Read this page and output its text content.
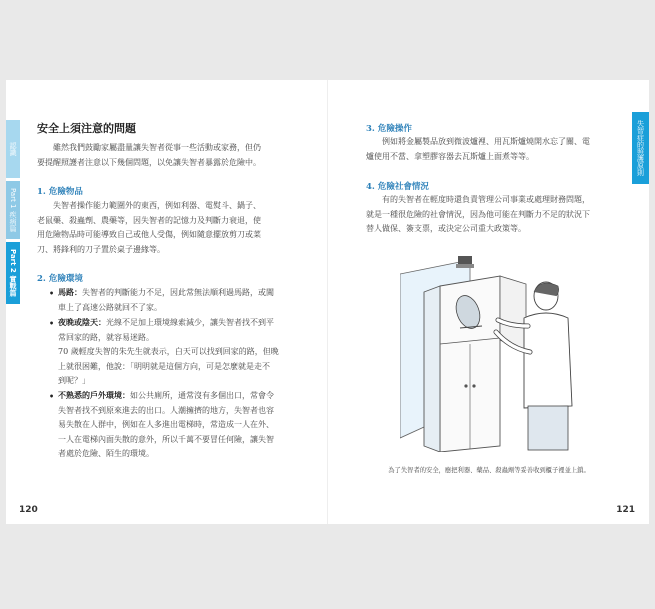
認識
Part 1 疾病篇
Part 2 實戰篇
安全上須注意的問題

雖然我們鼓勵家屬盡量讓失智者從事一些活動或家務，但仍

要提醒照護者注意以下幾個問題，以免讓失智者暴露於危險中。

1. 危險物品

失智者操作能力範圍外的東西，例如利器、電熨斗、鍋子、

老鼠藥、殺蟲劑、農藥等，因失智者的記憶力及判斷力衰退，使

用危險物品時可能導致自己或他人受傷，例如隨意擺放剪刀或菜

刀、將鋒利的刀子置於桌子邊緣等。

2. 危險環境
• 馬路：失智者的判斷能力不足，因此常無法順利過馬路，或闖

車上了高速公路就回不了家。

• 夜晚或陰天：光線不足加上環境線索減少，讓失智者找不到平

常回家的路，就容易迷路。

70 歲輕度失智的朱先生就表示，白天可以找到回家的路，但晚

上就很困難，他說：「明明就是這個方向，可是怎麼就是走不

到呢？」

• 不熟悉的戶外環境：如公共廁所，通常沒有多個出口，常會令

失智者找不到原來進去的出口。人潮擁擠的地方，失智者也容

易失散在人群中，例如在人多進出電梯時，常造成一人在外、

一人在電梯內面失散的意外，所以千萬不要冒任何險，讓失智

者處於危險、陌生的環境。

120
失智症的照護原則
3. 危險操作

例如將金屬製品放到微波爐裡、用瓦斯爐燒開水忘了關、電

爐使用不當、拿塑膠容器去瓦斯爐上面煮等等。

4. 危險社會情況

有的失智者在輕度時還負責管理公司事業或處理財務問題，

就是一種很危險的社會情況，因為他可能在判斷力不足的狀況下

替人做保、簽支票，或決定公司重大政策等。

為了失智者的安全，應把利器、藥品、殺蟲劑等妥善收到櫃子裡並上鎖。
121
